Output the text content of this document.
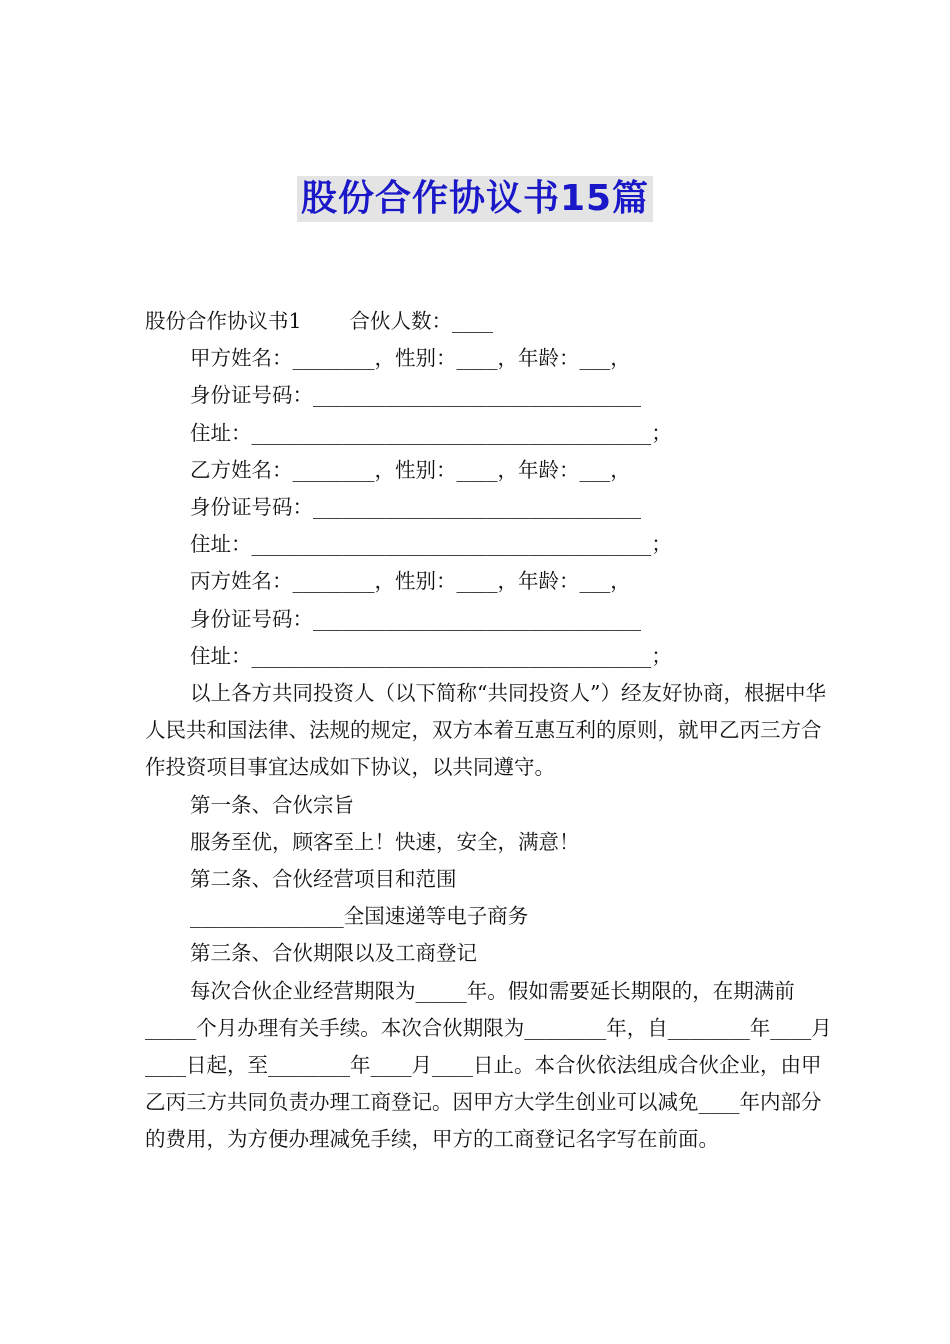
股份合作协议书15篇
股份合作协议书1 合伙人数：____
甲方姓名：________，性别：____，年龄：___，
身份证号码：________________________________
住址：_______________________________________；
乙方姓名：________，性别：____，年龄：___，
身份证号码：________________________________
住址：_______________________________________；
丙方姓名：________，性别：____，年龄：___，
身份证号码：________________________________
住址：_______________________________________；
以上各方共同投资人（以下简称“共同投资人”）经友好协商，根据中华人民共和国法律、法规的规定，双方本着互惠互利的原则，就甲乙丙三方合作投资项目事宜达成如下协议，以共同遵守。
第一条、合伙宗旨
服务至优，顾客至上！快速，安全，满意！
第二条、合伙经营项目和范围
_______________全国速递等电子商务
第三条、合伙期限以及工商登记
每次合伙企业经营期限为_____年。假如需要延长期限的，在期满前_____个月办理有关手续。本次合伙期限为________年，自________年____月____日起，至________年____月____日止。本合伙依法组成合伙企业，由甲乙丙三方共同负责办理工商登记。因甲方大学生创业可以减免____年内部分的费用，为方便办理减免手续，甲方的工商登记名字写在前面。
